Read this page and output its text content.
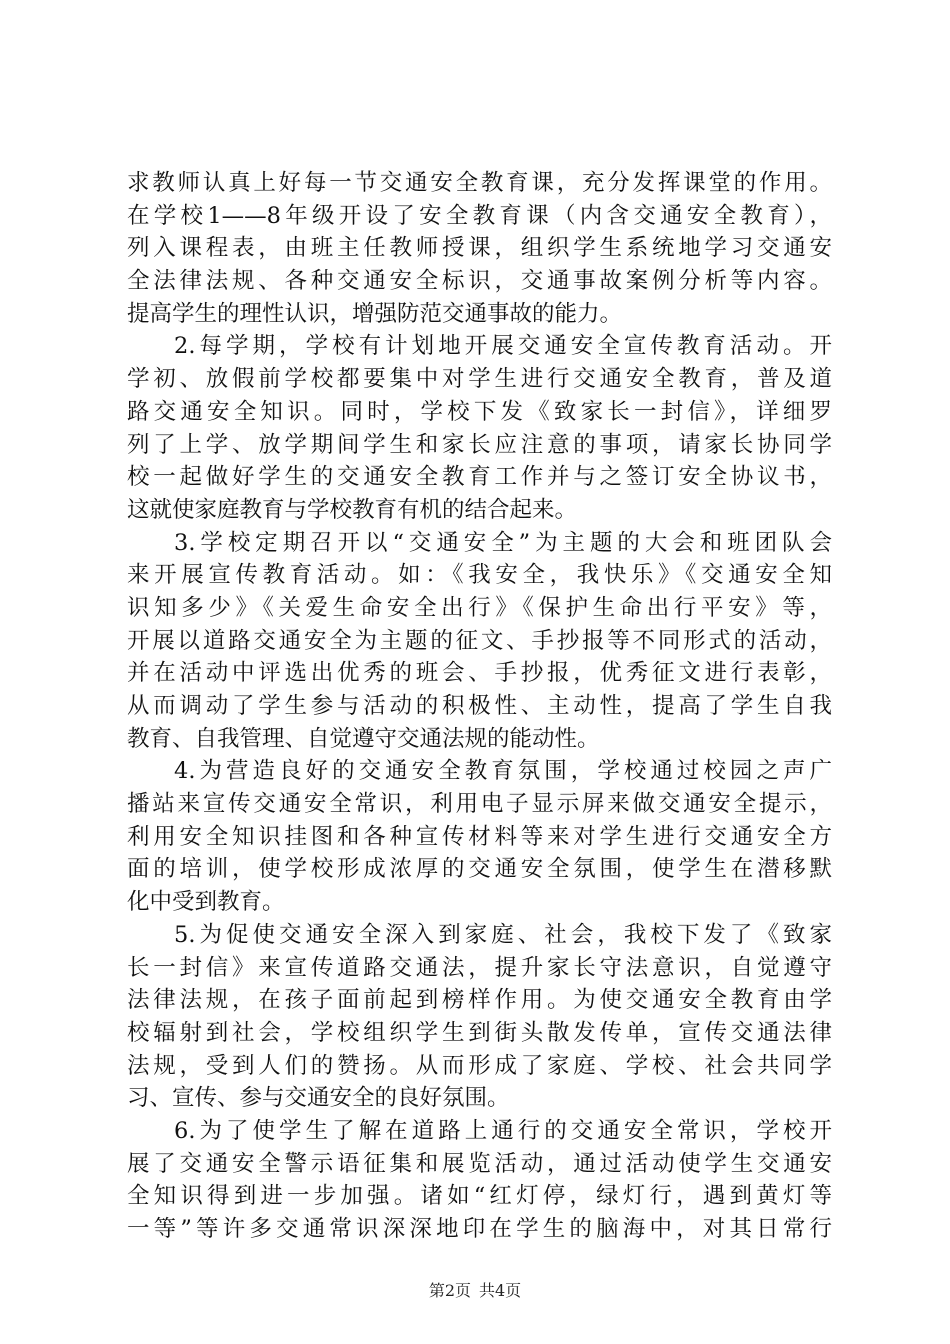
求教师认真上好每一节交通安全教育课，充分发挥课堂的作用。
在学校1——8年级开设了安全教育课（内含交通安全教育），
列入课程表，由班主任教师授课，组织学生系统地学习交通安
全法律法规、各种交通安全标识，交通事故案例分析等内容。
提高学生的理性认识，增强防范交通事故的能力。
2.每学期，学校有计划地开展交通安全宣传教育活动。开
学初、放假前学校都要集中对学生进行交通安全教育，普及道
路交通安全知识。同时，学校下发《致家长一封信》，详细罗
列了上学、放学期间学生和家长应注意的事项，请家长协同学
校一起做好学生的交通安全教育工作并与之签订安全协议书，
这就使家庭教育与学校教育有机的结合起来。
3.学校定期召开以“交通安全”为主题的大会和班团队会
来开展宣传教育活动。如：《我安全，我快乐》《交通安全知
识知多少》《关爱生命安全出行》《保护生命出行平安》等，
开展以道路交通安全为主题的征文、手抄报等不同形式的活动，
并在活动中评选出优秀的班会、手抄报，优秀征文进行表彰，
从而调动了学生参与活动的积极性、主动性，提高了学生自我
教育、自我管理、自觉遵守交通法规的能动性。
4.为营造良好的交通安全教育氛围，学校通过校园之声广
播站来宣传交通安全常识，利用电子显示屏来做交通安全提示，
利用安全知识挂图和各种宣传材料等来对学生进行交通安全方
面的培训，使学校形成浓厚的交通安全氛围，使学生在潜移默
化中受到教育。
5.为促使交通安全深入到家庭、社会，我校下发了《致家
长一封信》来宣传道路交通法，提升家长守法意识，自觉遵守
法律法规，在孩子面前起到榜样作用。为使交通安全教育由学
校辐射到社会，学校组织学生到街头散发传单，宣传交通法律
法规，受到人们的赞扬。从而形成了家庭、学校、社会共同学
习、宣传、参与交通安全的良好氛围。
6.为了使学生了解在道路上通行的交通安全常识，学校开
展了交通安全警示语征集和展览活动，通过活动使学生交通安
全知识得到进一步加强。诸如“红灯停，绿灯行，遇到黄灯等
一等”等许多交通常识深深地印在学生的脑海中，对其日常行
第2页 共4页
